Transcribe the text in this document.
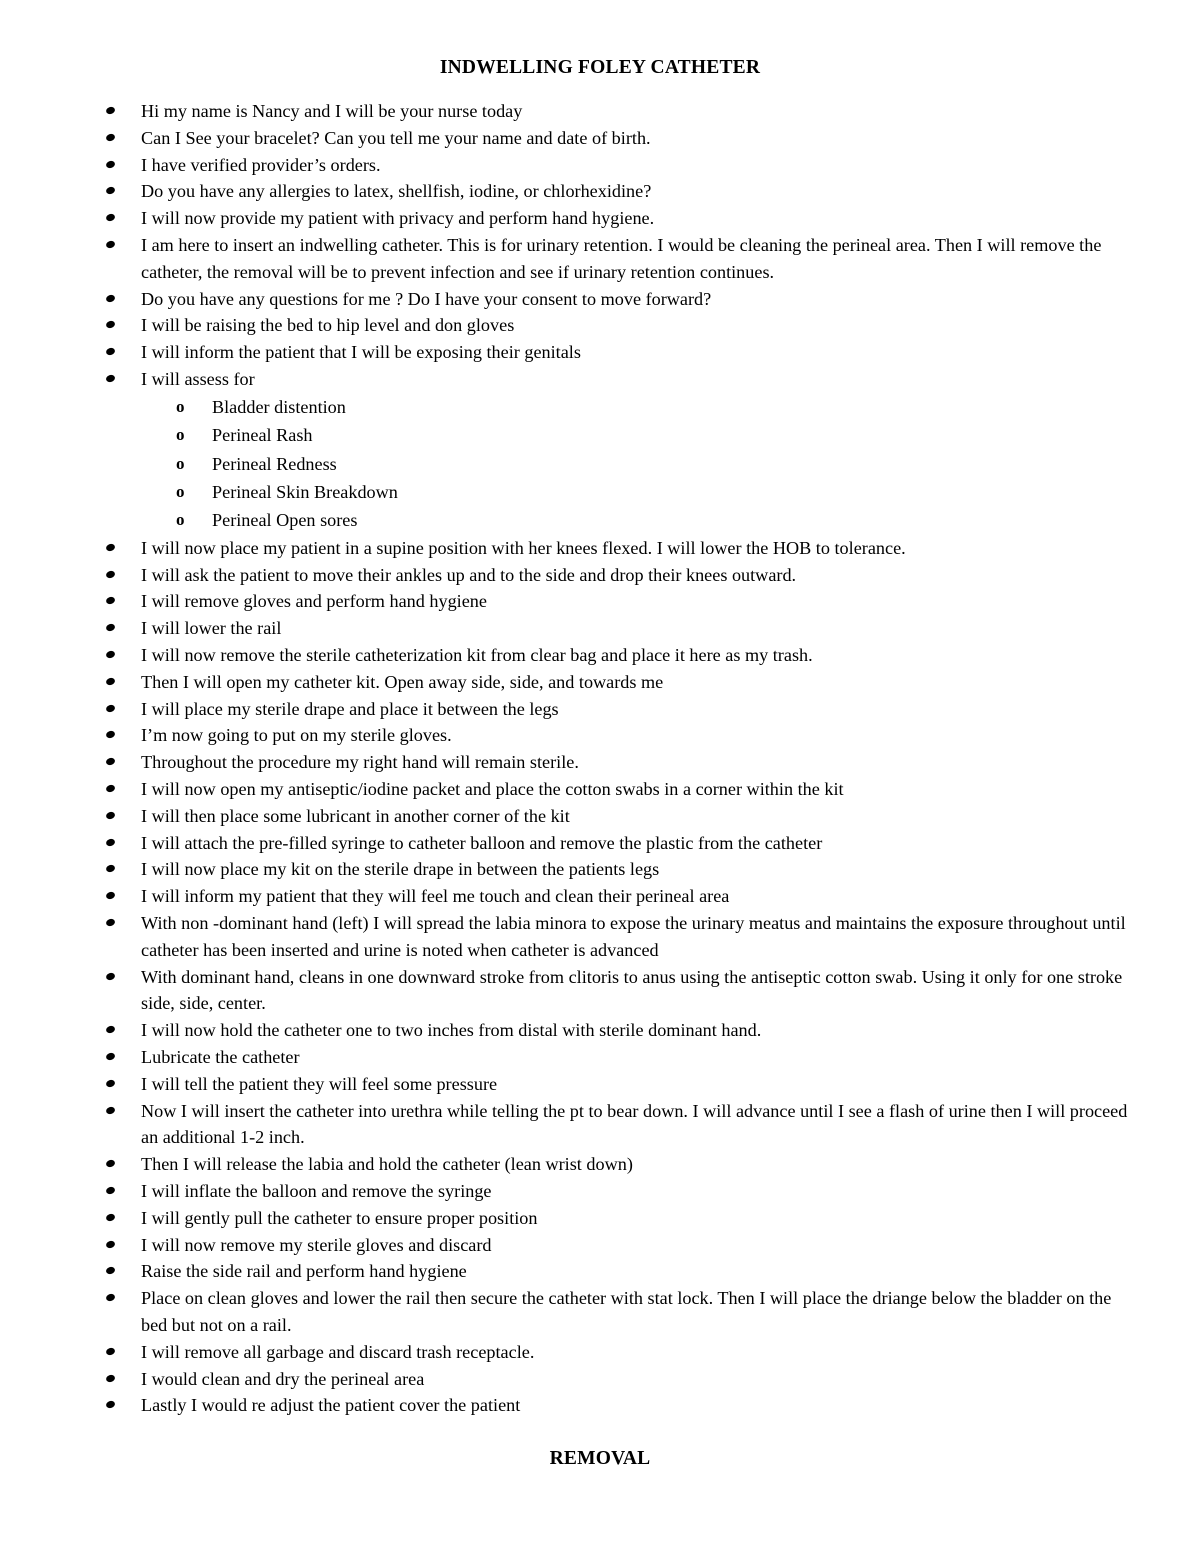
INDWELLING FOLEY CATHETER
Hi my name is Nancy and I will be your nurse today
Can I See your bracelet? Can you tell me your name and date of birth.
I have verified provider’s orders.
Do you have any allergies to latex, shellfish, iodine, or chlorhexidine?
I will now provide my patient with privacy and perform hand hygiene.
I am here to insert an indwelling catheter. This is for urinary retention. I would be cleaning the perineal area. Then I will remove the catheter, the removal will be to prevent infection and see if urinary retention continues.
Do you have any questions for me ? Do I have your consent to move forward?
I will be raising the bed to hip level and don gloves
I will inform the patient that I will be exposing their genitals
I will assess for
o Bladder distention
o Perineal Rash
o Perineal Redness
o Perineal Skin Breakdown
o Perineal Open sores
I will now place my patient in a supine position with her knees flexed. I will lower the HOB to tolerance.
I will ask the patient to move their ankles up and to the side and drop their knees outward.
I will remove gloves and perform hand hygiene
I will lower the rail
I will now remove the sterile catheterization kit from clear bag and place it here as my trash.
Then I will open my catheter kit. Open away side, side, and towards me
I will place my sterile drape and place it between the legs
I’m now going to put on my sterile gloves.
Throughout the procedure my right hand will remain sterile.
I will now open my antiseptic/iodine packet and place the cotton swabs in a corner within the kit
I will then place some lubricant in another corner of the kit
I will attach the pre-filled syringe to catheter balloon and remove the plastic from the catheter
I will now place my kit on the sterile drape in between the patients legs
I will inform my patient that they will feel me touch and clean their perineal area
With non -dominant hand (left) I will spread the labia minora to expose the urinary meatus and maintains the exposure throughout until catheter has been inserted and urine is noted when catheter is advanced
With dominant hand, cleans in one downward stroke from clitoris to anus using the antiseptic cotton swab. Using it only for one stroke side, side, center.
I will now hold the catheter one to two inches from distal with sterile dominant hand.
Lubricate the catheter
I will tell the patient they will feel some pressure
Now I will insert the catheter into urethra while telling the pt to bear down. I will advance until I see a flash of urine then I will proceed an additional 1-2 inch.
Then I will release the labia and hold the catheter (lean wrist down)
I will inflate the balloon and remove the syringe
I will gently pull the catheter to ensure proper position
I will now remove my sterile gloves and discard
Raise the side rail and perform hand hygiene
Place on clean gloves and lower the rail then secure the catheter with stat lock. Then I will place the driange below the bladder on the bed but not on a rail.
I will remove all garbage and discard trash receptacle.
I would clean and dry the perineal area
Lastly I would re adjust the patient cover the patient
REMOVAL
